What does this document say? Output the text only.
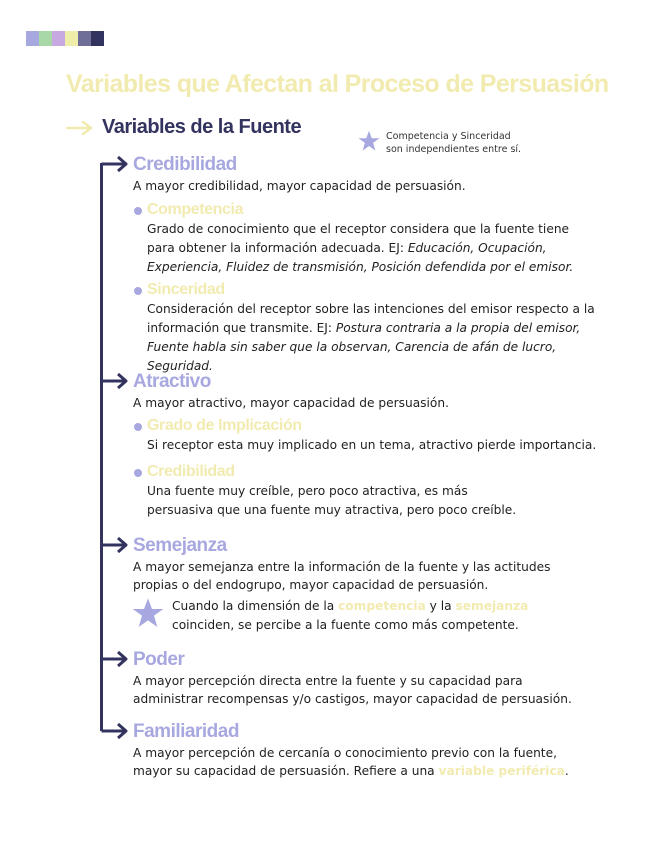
Variables que Afectan al Proceso de Persuasión
Variables de la Fuente	Competencia y Sinceridad
son independientes entre sí.
Credibilidad

A mayor credibilidad, mayor capacidad de persuasión.

Competencia

Grado de conocimiento que el receptor considera que la fuente tiene para obtener la información adecuada. EJ: Educación, Ocupación, Experiencia, Fluidez de transmisión, Posición defendida por el emisor.

Sinceridad

Consideración del receptor sobre las intenciones del emisor respecto a la información que transmite. EJ: Postura contraria a la propia del emisor, Fuente habla sin saber que la observan, Carencia de afán de lucro, Seguridad.

Atractivo

A mayor atractivo, mayor capacidad de persuasión.

Grado de Implicación

Si receptor esta muy implicado en un tema, atractivo pierde importancia.

Credibilidad

Una fuente muy creíble, pero poco atractiva, es más persuasiva que una fuente muy atractiva, pero poco creíble.

Semejanza

A mayor semejanza entre la información de la fuente y las actitudes propias o del endogrupo, mayor capacidad de persuasión.

Cuando la dimensión de la competencia y la semejanza coinciden, se percibe a la fuente como más competente.
Poder

A mayor percepción directa entre la fuente y su capacidad para administrar recompensas y/o castigos, mayor capacidad de persuasión.

Familiaridad

A mayor percepción de cercanía o conocimiento previo con la fuente, mayor su capacidad de persuasión. Refiere a una variable periférica.
